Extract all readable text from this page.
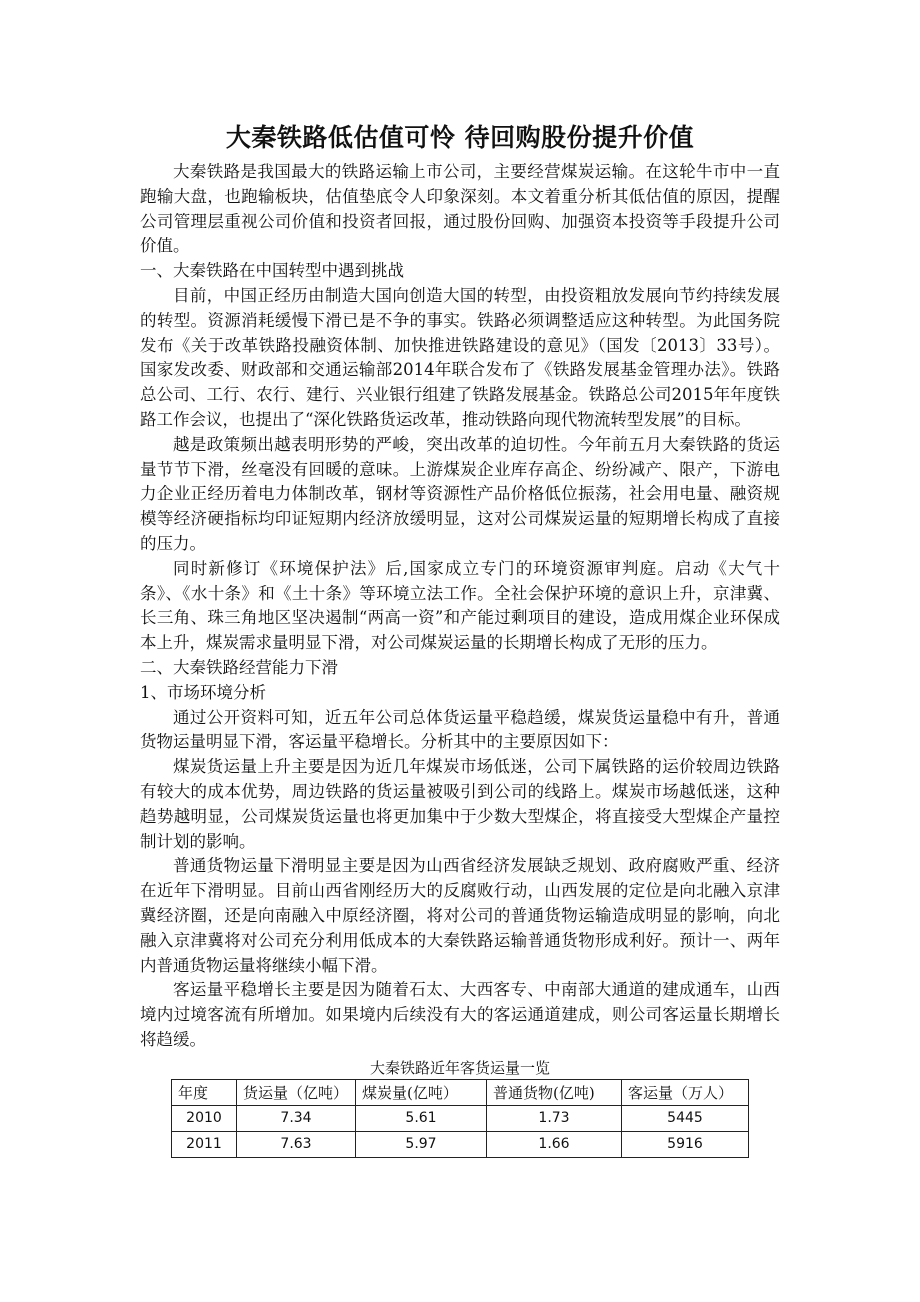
大秦铁路低估值可怜 待回购股份提升价值

大秦铁路是我国最大的铁路运输上市公司，主要经营煤炭运输。在这轮牛市中一直跑输大盘，也跑输板块，估值垫底令人印象深刻。本文着重分析其低估值的原因，提醒公司管理层重视公司价值和投资者回报，通过股份回购、加强资本投资等手段提升公司价值。

一、大秦铁路在中国转型中遇到挑战

目前，中国正经历由制造大国向创造大国的转型，由投资粗放发展向节约持续发展的转型。资源消耗缓慢下滑已是不争的事实。铁路必须调整适应这种转型。为此国务院发布《关于改革铁路投融资体制、加快推进铁路建设的意见》（国发〔2013〕33号）。国家发改委、财政部和交通运输部2014年联合发布了《铁路发展基金管理办法》。铁路总公司、工行、农行、建行、兴业银行组建了铁路发展基金。铁路总公司2015年年度铁路工作会议，也提出了“深化铁路货运改革，推动铁路向现代物流转型发展”的目标。

越是政策频出越表明形势的严峻，突出改革的迫切性。今年前五月大秦铁路的货运量节节下滑，丝毫没有回暖的意味。上游煤炭企业库存高企、纷纷减产、限产，下游电力企业正经历着电力体制改革，钢材等资源性产品价格低位振荡，社会用电量、融资规模等经济硬指标均印证短期内经济放缓明显，这对公司煤炭运量的短期增长构成了直接的压力。

同时新修订《环境保护法》后,国家成立专门的环境资源审判庭。启动《大气十条》、《水十条》和《土十条》等环境立法工作。全社会保护环境的意识上升，京津冀、长三角、珠三角地区坚决遏制“两高一资”和产能过剩项目的建设，造成用煤企业环保成本上升，煤炭需求量明显下滑，对公司煤炭运量的长期增长构成了无形的压力。

二、大秦铁路经营能力下滑

1、市场环境分析

通过公开资料可知，近五年公司总体货运量平稳趋缓，煤炭货运量稳中有升，普通货物运量明显下滑，客运量平稳增长。分析其中的主要原因如下：

煤炭货运量上升主要是因为近几年煤炭市场低迷，公司下属铁路的运价较周边铁路有较大的成本优势，周边铁路的货运量被吸引到公司的线路上。煤炭市场越低迷，这种趋势越明显，公司煤炭货运量也将更加集中于少数大型煤企，将直接受大型煤企产量控制计划的影响。

普通货物运量下滑明显主要是因为山西省经济发展缺乏规划、政府腐败严重、经济在近年下滑明显。目前山西省刚经历大的反腐败行动，山西发展的定位是向北融入京津冀经济圈，还是向南融入中原经济圈，将对公司的普通货物运输造成明显的影响，向北融入京津冀将对公司充分利用低成本的大秦铁路运输普通货物形成利好。预计一、两年内普通货物运量将继续小幅下滑。

客运量平稳增长主要是因为随着石太、大西客专、中南部大通道的建成通车，山西境内过境客流有所增加。如果境内后续没有大的客运通道建成，则公司客运量长期增长将趋缓。

大秦铁路近年客货运量一览
年度	货运量（亿吨）	煤炭量(亿吨）	普通货物(亿吨)	客运量（万人）
2010	7.34	5.61	1.73	5445
2011	7.63	5.97	1.66	5916
